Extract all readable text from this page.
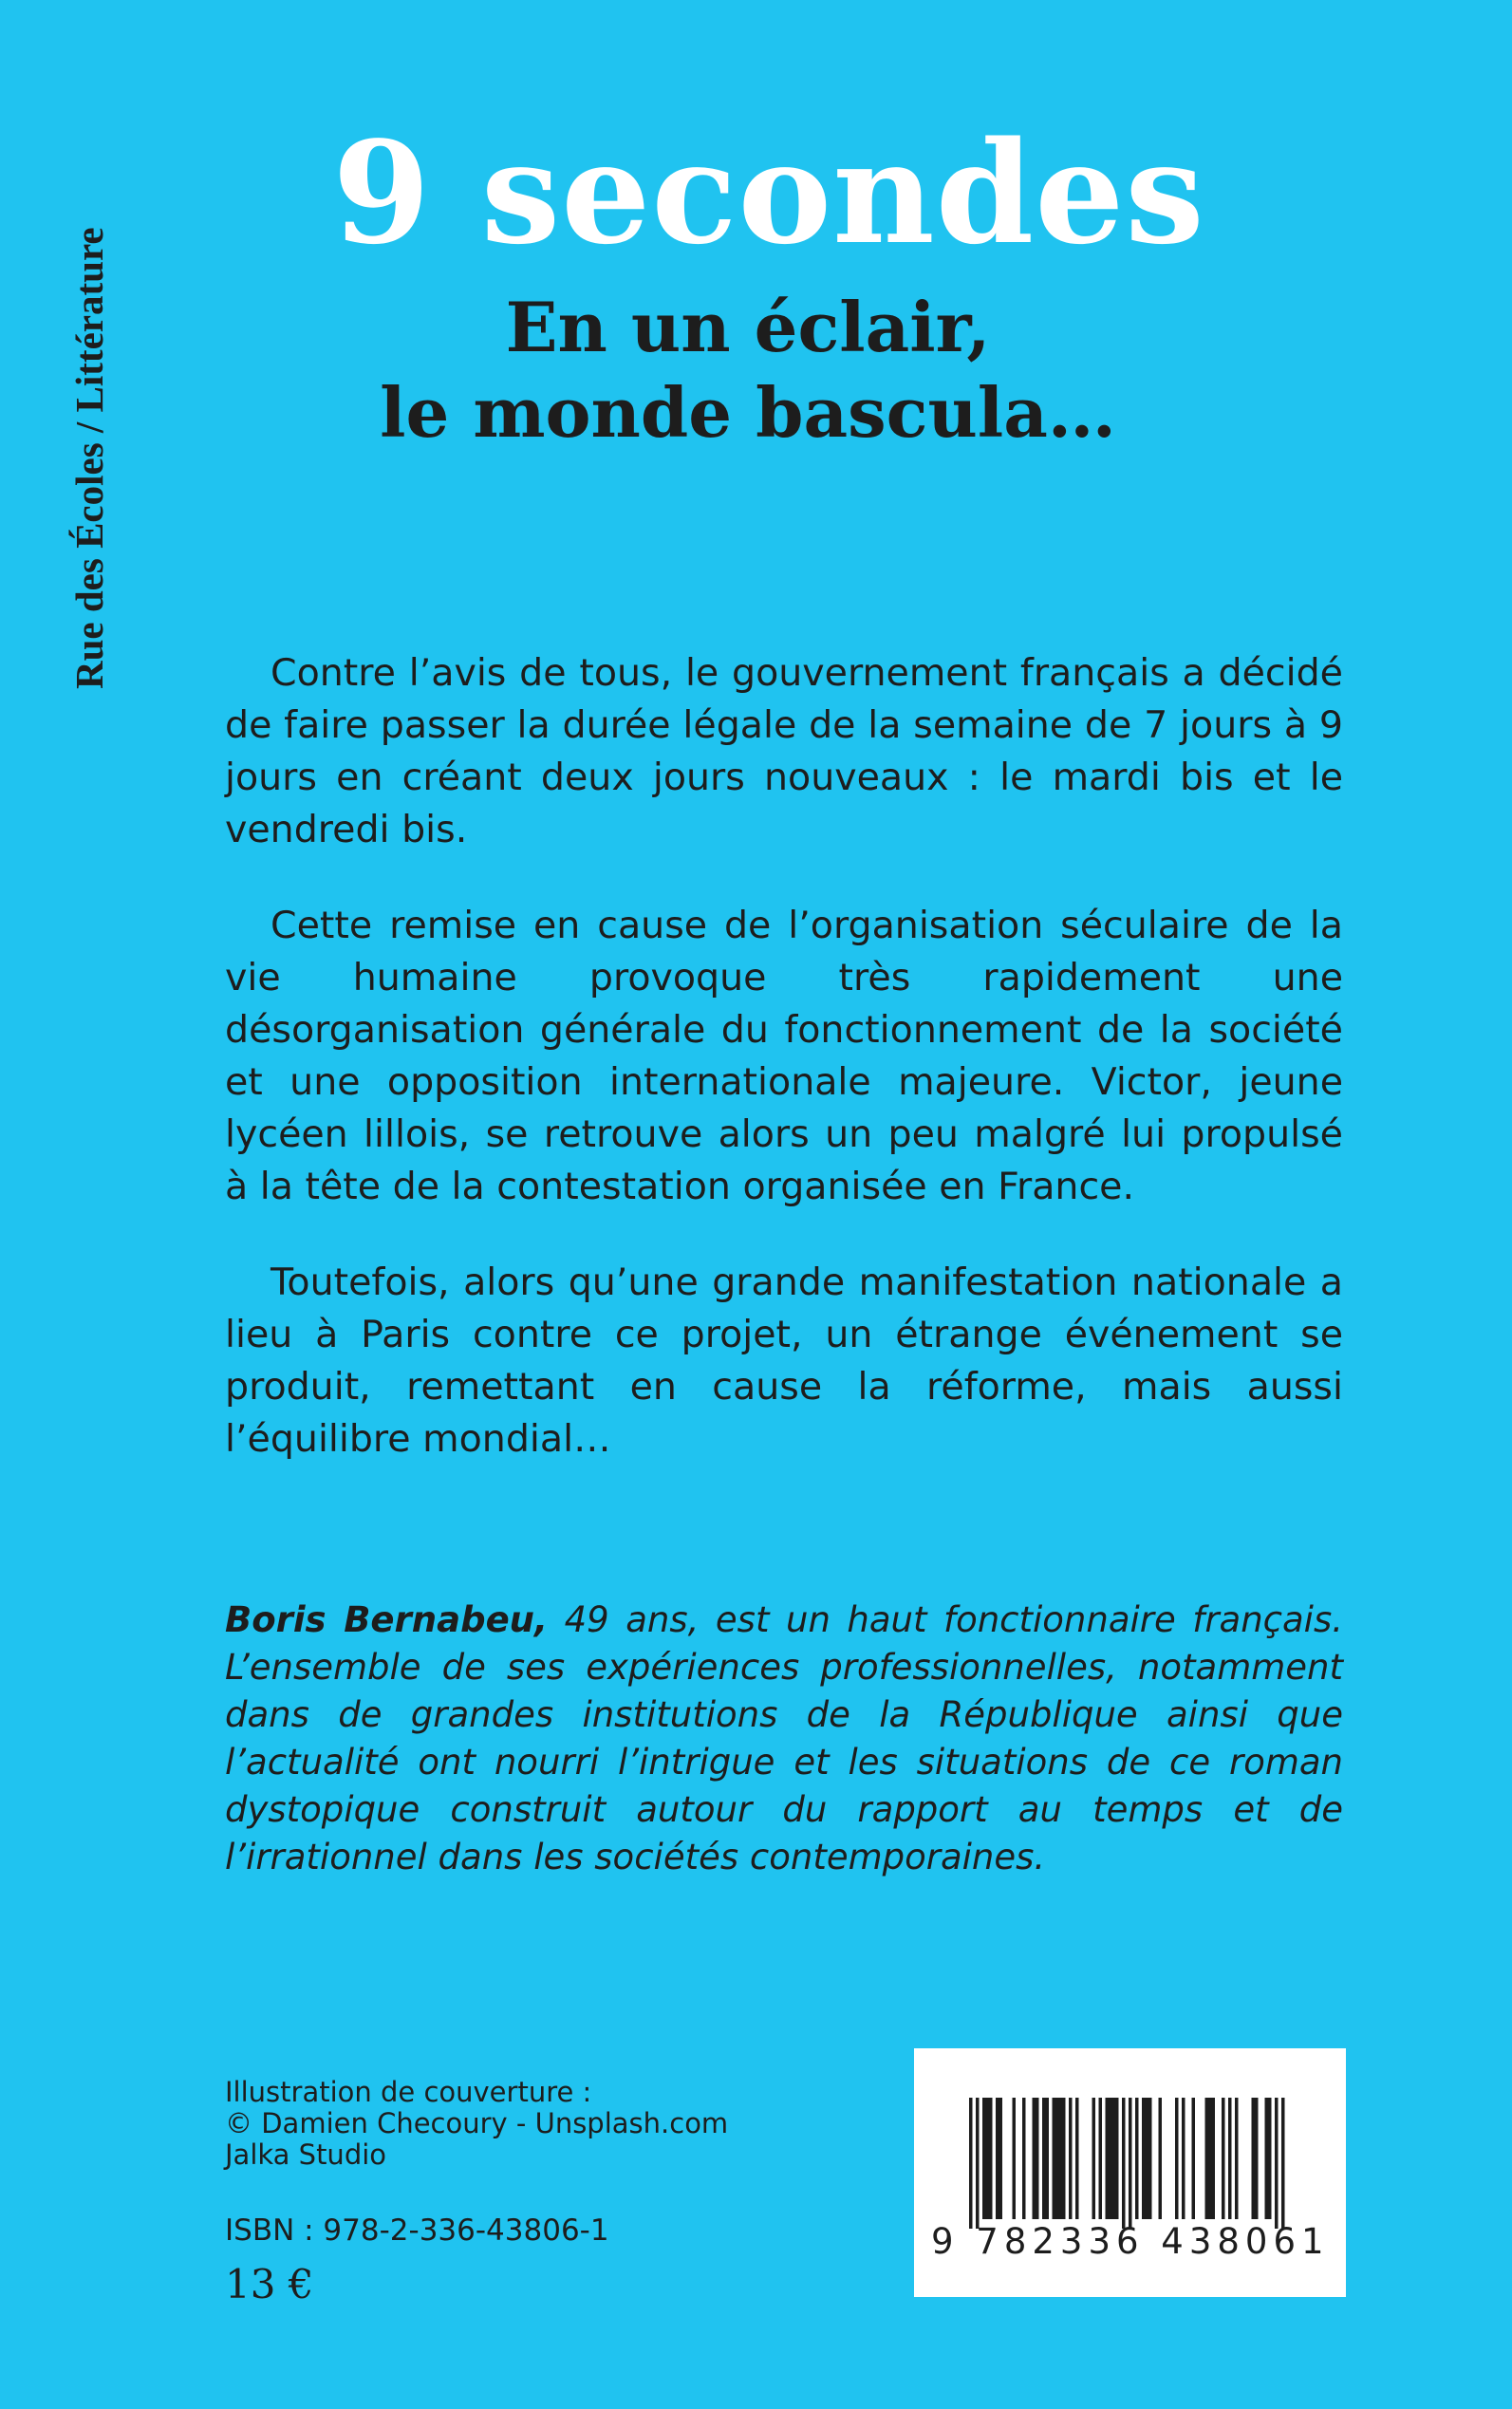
Rue des Écoles / Littérature
9 secondes
En un éclair,
le monde bascula…

Contre l’avis de tous, le gouvernement français a décidé de faire passer la durée légale de la semaine de 7 jours à 9 jours en créant deux jours nouveaux : le mardi bis et le vendredi bis.

Cette remise en cause de l’organisation séculaire de la vie humaine provoque très rapidement une désorganisation générale du fonctionnement de la société et une opposition internationale majeure. Victor, jeune lycéen lillois, se retrouve alors un peu malgré lui propulsé à la tête de la contestation organisée en France.

Toutefois, alors qu’une grande manifestation nationale a lieu à Paris contre ce projet, un étrange événement se produit, remettant en cause la réforme, mais aussi l’équilibre mondial…

Boris Bernabeu, 49 ans, est un haut fonctionnaire français. L’ensemble de ses expériences professionnelles, notamment dans de grandes institutions de la République ainsi que l’actualité ont nourri l’intrigue et les situations de ce roman dystopique construit autour du rapport au temps et de l’irrationnel dans les sociétés contemporaines.

Illustration de couverture :
© Damien Checoury - Unsplash.com
Jalka Studio
ISBN : 978-2-336-43806-1
13 €
9 782336 438061
